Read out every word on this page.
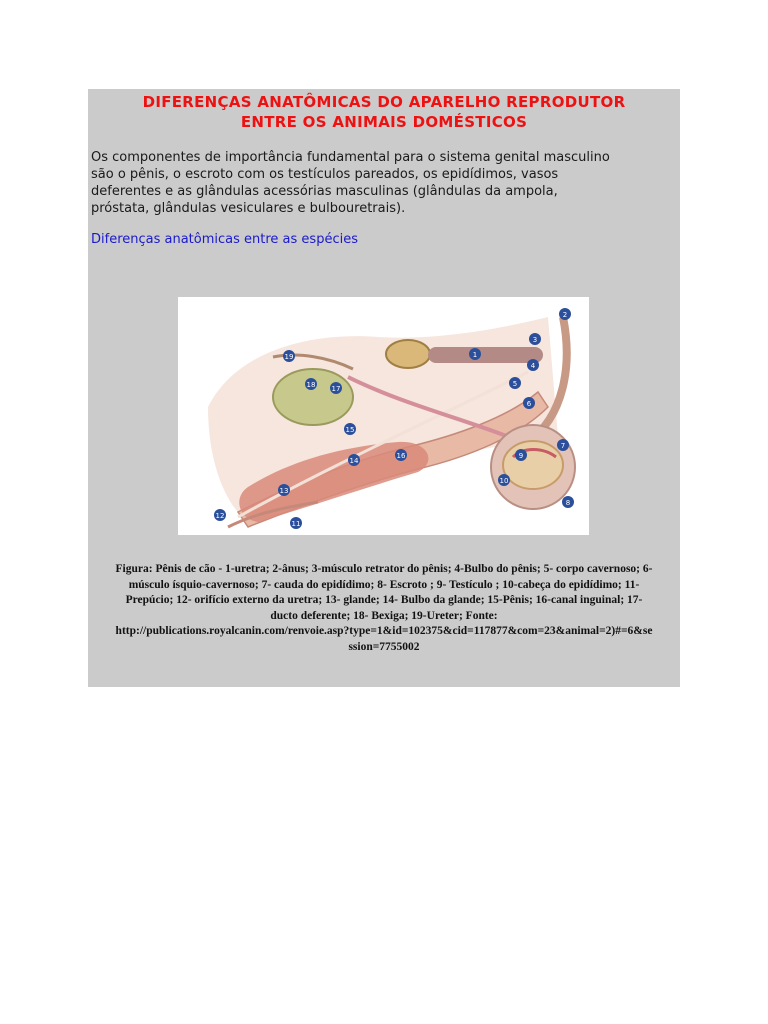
DIFERENÇAS ANATÔMICAS DO APARELHO REPRODUTOR
ENTRE OS ANIMAIS DOMÉSTICOS
Os componentes de importância fundamental para o sistema genital masculino
são o pênis, o escroto com os testículos pareados, os epidídimos, vasos
deferentes e as glândulas acessórias masculinas (glândulas da ampola,
próstata, glândulas vesiculares e bulbouretrais).
Diferenças anatômicas entre as espécies
19
18 17
15
16
14
13
12
11
10
9
8
7
6
5
4
3
2
1
Figura: Pênis de cão - 1-uretra; 2-ânus; 3-músculo retrator do pênis; 4-Bulbo do pênis; 5- corpo cavernoso; 6-
músculo ísquio-cavernoso; 7- cauda do epidídimo; 8- Escroto ; 9- Testículo ; 10-cabeça do epidídimo; 11-
Prepúcio; 12- orifício externo da uretra; 13- glande; 14- Bulbo da glande; 15-Pênis; 16-canal inguinal; 17-
ducto deferente; 18- Bexiga; 19-Ureter; Fonte:
http://publications.royalcanin.com/renvoie.asp?type=1&id=102375&cid=117877&com=23&animal=2)#=6&se
ssion=7755002
